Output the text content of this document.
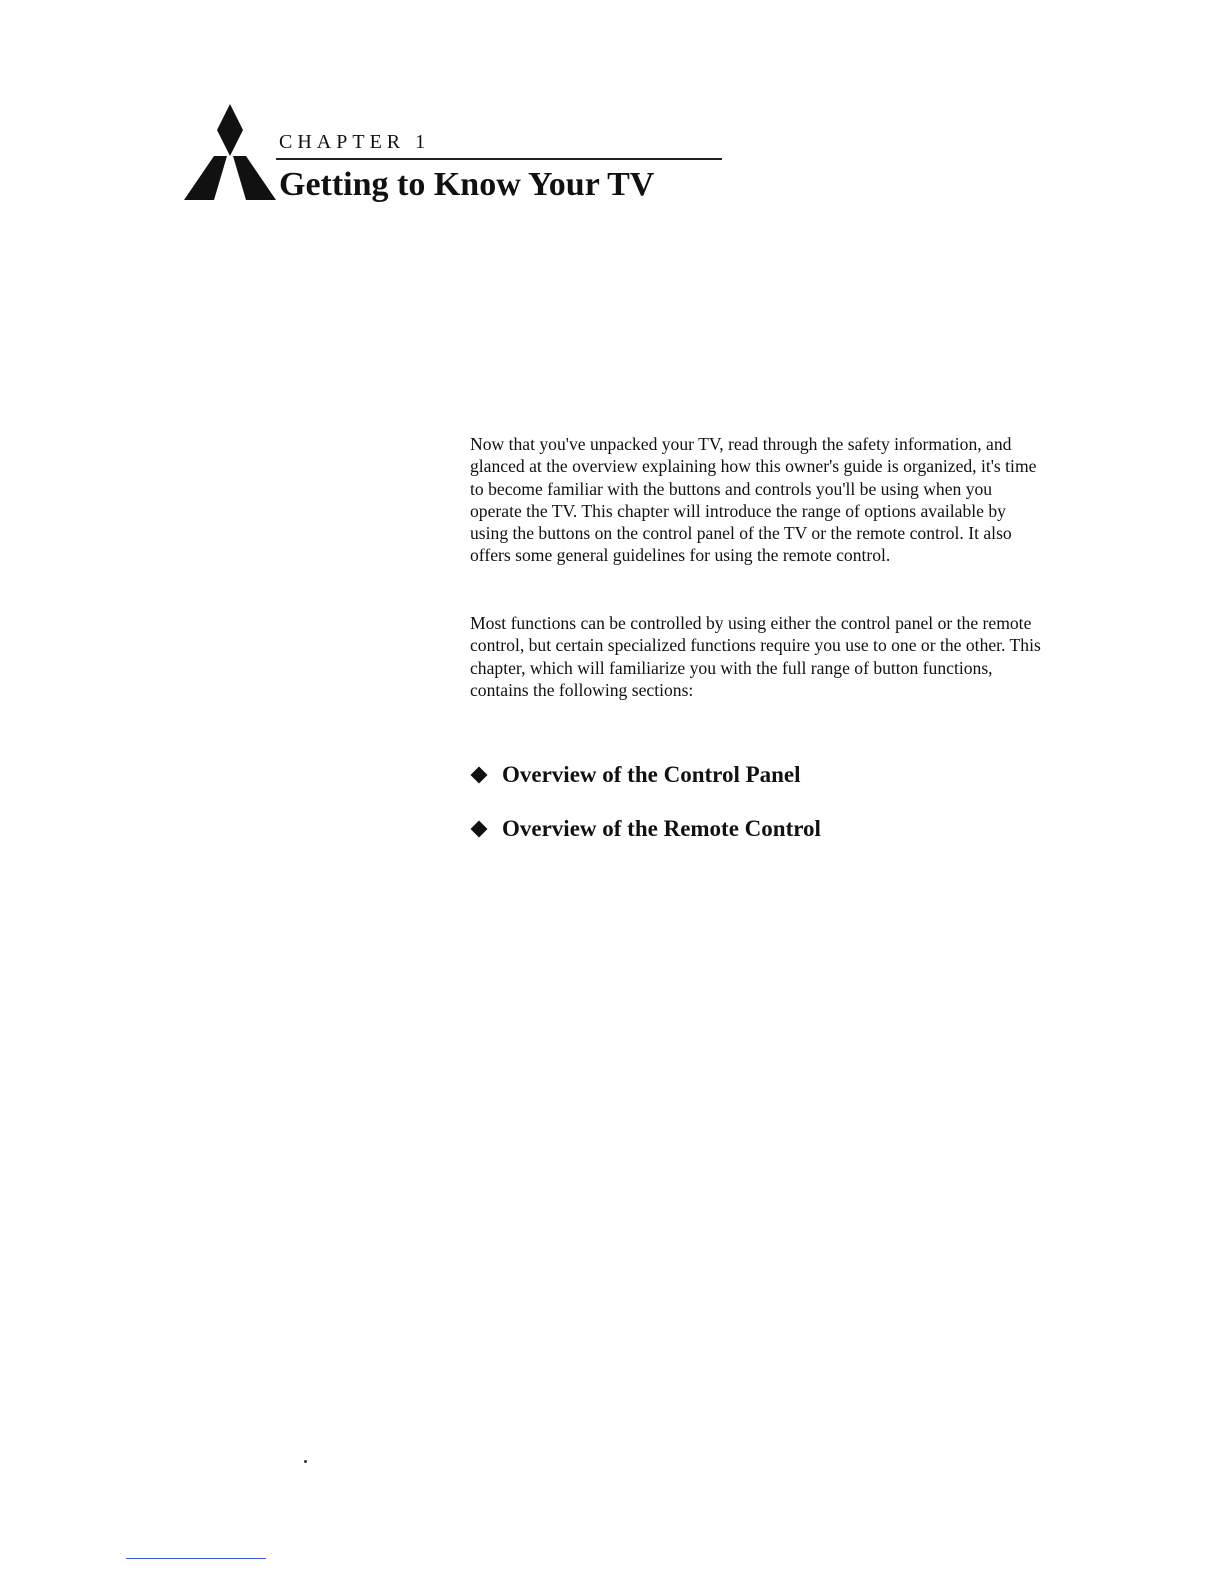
CHAPTER 1
Getting to Know Your TV

Now that you've unpacked your TV, read through the safety information, and glanced at the overview explaining how this owner's guide is organized, it's time to become familiar with the buttons and controls you'll be using when you operate the TV. This chapter will introduce the range of options available by using the buttons on the control panel of the TV or the remote control. It also offers some general guidelines for using the remote control.

Most functions can be controlled by using either the control panel or the remote control, but certain specialized functions require you use to one or the other. This chapter, which will familiarize you with the full range of button functions, contains the following sections:

Overview of the Control Panel
Overview of the Remote Control
